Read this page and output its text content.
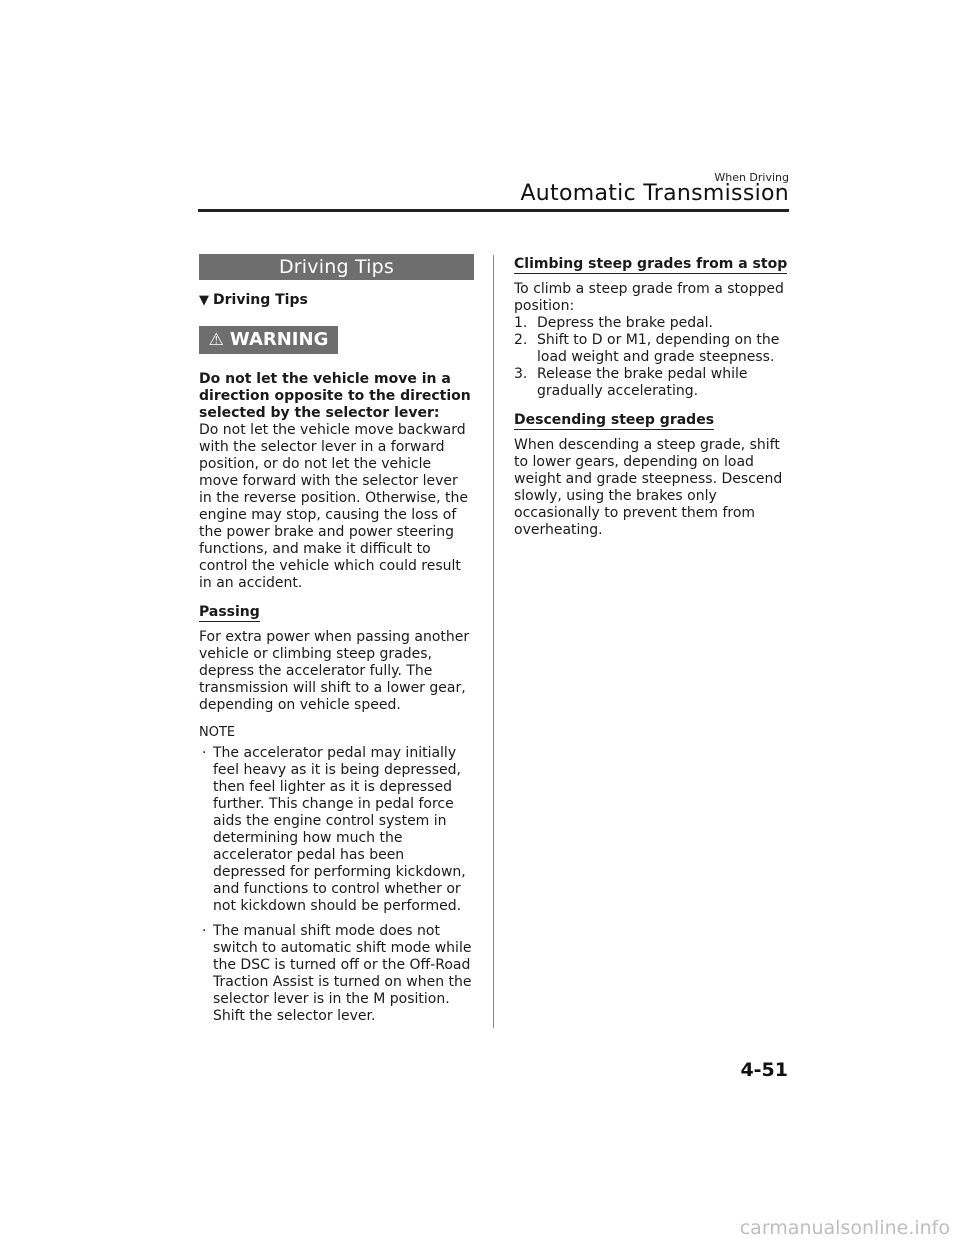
When Driving
Automatic Transmission
Driving Tips
▼ Driving Tips
⚠ WARNING

Do not let the vehicle move in a direction opposite to the direction selected by the selector lever:

Do not let the vehicle move backward with the selector lever in a forward position, or do not let the vehicle move forward with the selector lever in the reverse position. Otherwise, the engine may stop, causing the loss of the power brake and power steering functions, and make it difficult to control the vehicle which could result in an accident.

Passing

For extra power when passing another vehicle or climbing steep grades, depress the accelerator fully. The transmission will shift to a lower gear, depending on vehicle speed.

NOTE

· The accelerator pedal may initially feel heavy as it is being depressed, then feel lighter as it is depressed further. This change in pedal force aids the engine control system in determining how much the accelerator pedal has been depressed for performing kickdown, and functions to control whether or not kickdown should be performed.
· The manual shift mode does not switch to automatic shift mode while the DSC is turned off or the Off-Road Traction Assist is turned on when the selector lever is in the M position. Shift the selector lever.
Climbing steep grades from a stop

To climb a steep grade from a stopped position:

1. Depress the brake pedal.
2. Shift to D or M1, depending on the load weight and grade steepness.
3. Release the brake pedal while gradually accelerating.
Descending steep grades

When descending a steep grade, shift to lower gears, depending on load weight and grade steepness. Descend slowly, using the brakes only occasionally to prevent them from overheating.

4-51
carmanualsonline.info
